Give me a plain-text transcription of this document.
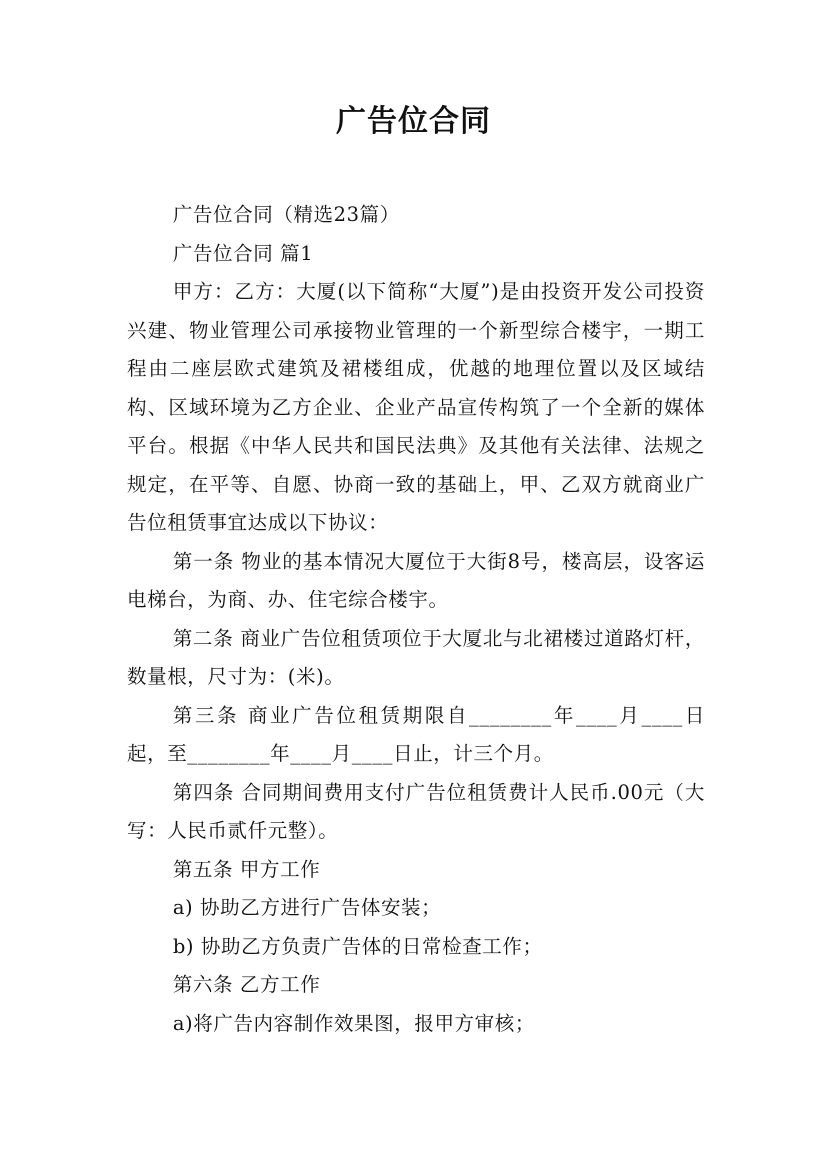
广告位合同

广告位合同（精选23篇）

广告位合同 篇1

甲方：乙方：大厦(以下简称“大厦”)是由投资开发公司投资兴建、物业管理公司承接物业管理的一个新型综合楼宇，一期工程由二座层欧式建筑及裙楼组成，优越的地理位置以及区域结构、区域环境为乙方企业、企业产品宣传构筑了一个全新的媒体平台。根据《中华人民共和国民法典》及其他有关法律、法规之规定，在平等、自愿、协商一致的基础上，甲、乙双方就商业广告位租赁事宜达成以下协议：

第一条 物业的基本情况大厦位于大街8号，楼高层，设客运电梯台，为商、办、住宅综合楼宇。

第二条 商业广告位租赁项位于大厦北与北裙楼过道路灯杆，数量根，尺寸为：(米)。

第三条 商业广告位租赁期限自________年____月____日起，至________年____月____日止，计三个月。

第四条 合同期间费用支付广告位租赁费计人民币.00元（大写：人民币贰仟元整）。

第五条 甲方工作

a) 协助乙方进行广告体安装；

b) 协助乙方负责广告体的日常检查工作；

第六条 乙方工作

a)将广告内容制作效果图，报甲方审核；
